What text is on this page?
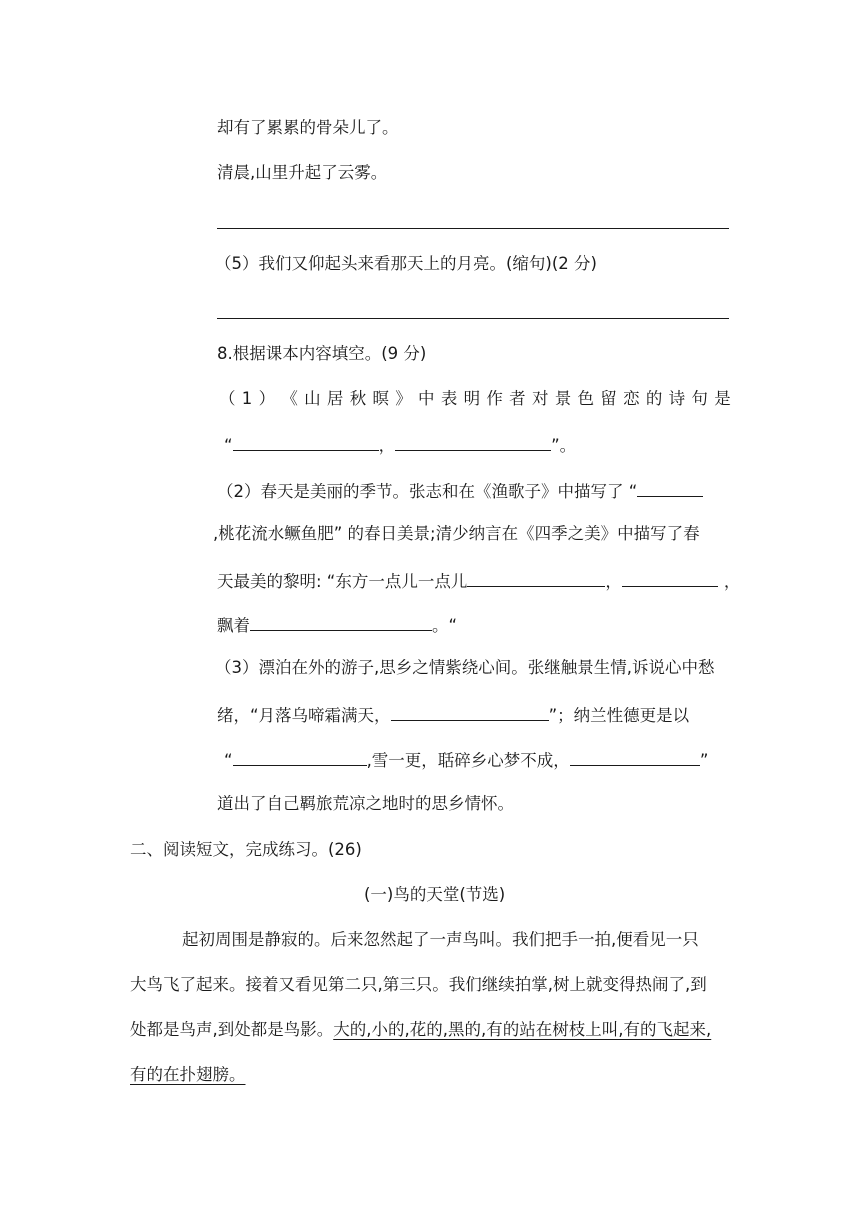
却有了累累的骨朵儿了。
清晨,山里升起了云雾。
（5）我们又仰起头来看那天上的月亮。(缩句)(2 分)
8.根据课本内容填空。(9 分)
（ 1 ） 《 山 居 秋 暝 》 中 表 明 作 者 对 景 色 留 恋 的 诗 句 是
“	，	”。
（2）春天是美丽的季节。张志和在《渔歌子》中描写了 “
,桃花流水鳜鱼肥” 的春日美景;清少纳言在《四季之美》中描写了春
天最美的黎明: “东方一点儿一点儿	，	，
飘着	。“
（3）漂泊在外的游子,思乡之情紫绕心间。张继触景生情,诉说心中愁
绪，“月落乌啼霜满天，	”；纳兰性德更是以
“	,雪一更，聒碎乡心梦不成，	”
道出了自己羁旅荒凉之地时的思乡情怀。
二、阅读短文，完成练习。(26)
(一)鸟的天堂(节选)
起初周围是静寂的。后来忽然起了一声鸟叫。我们把手一拍,便看见一只
大鸟飞了起来。接着又看见第二只,第三只。我们继续拍掌,树上就变得热闹了,到
处都是鸟声,到处都是鸟影。大的,小的,花的,黑的,有的站在树枝上叫,有的飞起来,
有的在扑翅膀。
